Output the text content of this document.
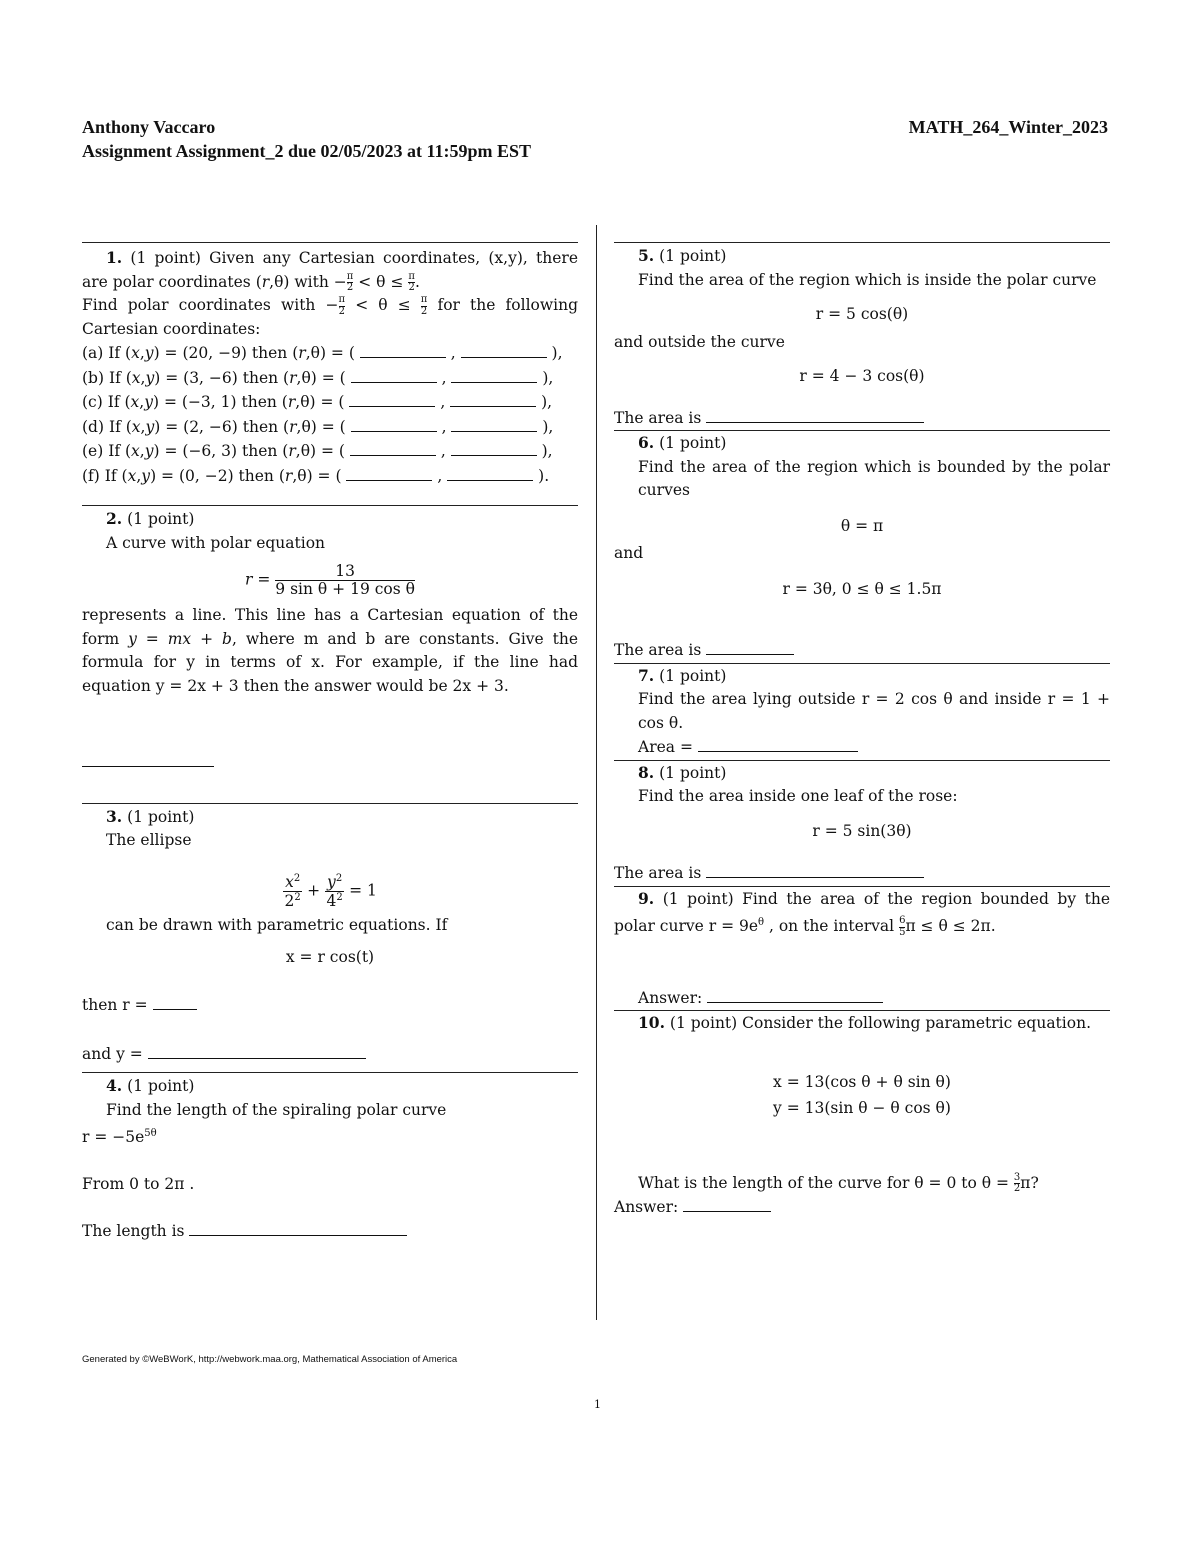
Anthony Vaccaro	MATH_264_Winter_2023
Assignment Assignment_2 due 02/05/2023 at 11:59pm EST
1. (1 point) Given any Cartesian coordinates, (x,y), there are polar coordinates (r,θ) with − $\frac{\pi}{2} < \theta \le \frac{\pi}{2}$ .
Find polar coordinates with − $\frac{\pi}{2} < \theta \le \frac{\pi}{2}$ for the following Cartesian coordinates:
(a) If (x,y) = (20, −9) then (r,θ) = (	,	),
(b) If (x,y) = (3, −6) then (r,θ) = (	,	),
(c) If (x,y) = (−3, 1) then (r,θ) = (	,	),
(d) If (x,y) = (2, −6) then (r,θ) = (	,	),
(e) If (x,y) = (−6, 3) then (r,θ) = (	,	),
(f) If (x,y) = (0, −2) then (r,θ) = (	,	).
2. (1 point)
A curve with polar equation
$r = \frac{13}{\text{9 sin θ + 19 cos θ}}$
represents a line. This line has a Cartesian equation of the form y = mx + b, where m and b are constants. Give the formula for y in terms of x. For example, if the line had equation y = 2x + 3 then the answer would be 2x + 3.
3. (1 point)
The ellipse
$\frac{x^2}{2^2} + \frac{y^2}{4^2} = 1$
can be drawn with parametric equations. If
x = r cos(t)
then r =
and y =
4. (1 point)
Find the length of the spiraling polar curve
$r = -5e^{5\theta}$
From 0 to 2π .
The length is
5. (1 point)
Find the area of the region which is inside the polar curve
r = 5 cos(θ)
and outside the curve
r = 4 − 3 cos(θ)
The area is
6. (1 point)
Find the area of the region which is bounded by the polar curves
θ = π
and
r = 3θ, 0 ≤ θ ≤ 1.5π
The area is
7. (1 point)
Find the area lying outside r = 2 cos θ and inside r = 1 + cos θ.
Area =
8. (1 point)
Find the area inside one leaf of the rose:
r = 5 sin(3θ)
The area is
9. (1 point) Find the area of the region bounded by the polar curve $r = 9e^\theta$ , on the interval $\frac{6}{5}$ π ≤ θ ≤ 2π.
Answer:
10. (1 point) Consider the following parametric equation.
x = 13(cos θ + θ sin θ)
y = 13(sin θ − θ cos θ)
What is the length of the curve for θ = 0 to $\theta = \frac{3}{2} \pi$?
Answer:
Generated by ©WeBWorK, http://webwork.maa.org, Mathematical Association of America
1
